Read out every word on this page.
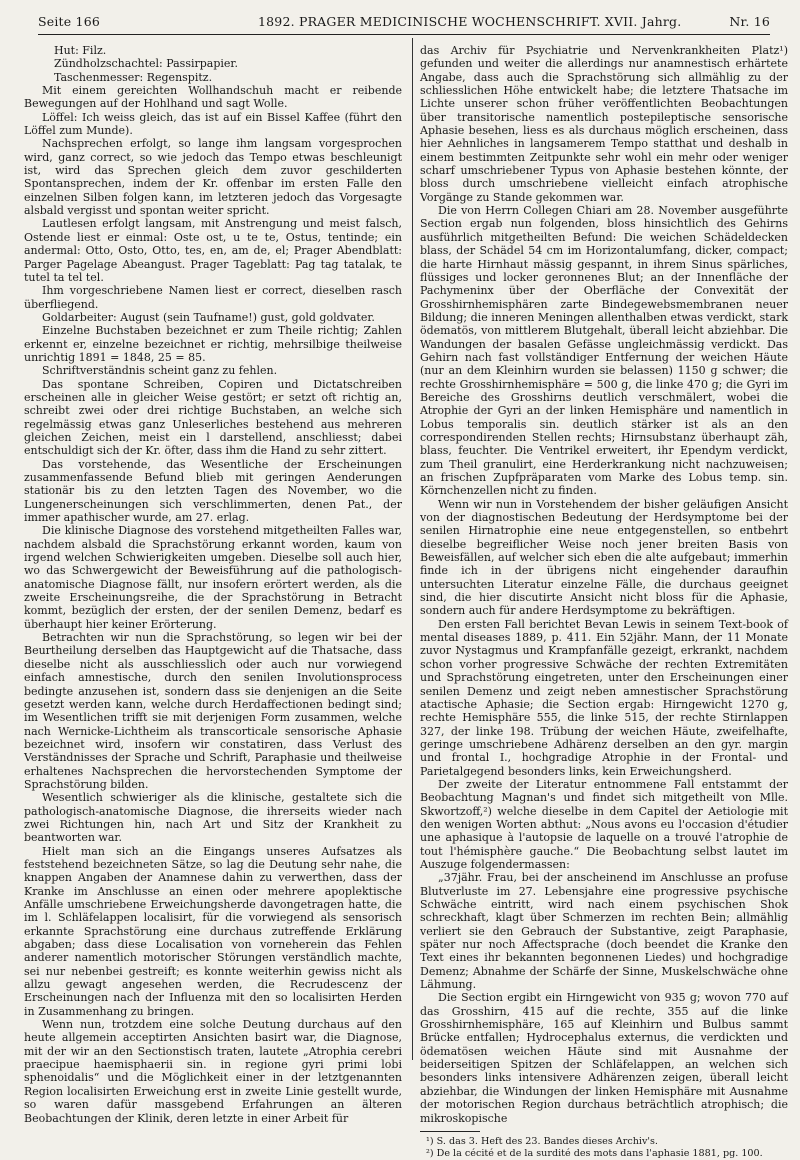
Seite 166	1892. PRAGER MEDICINISCHE WOCHENSCHRIFT. XVII. Jahrg.	Nr. 16

Hut: Filz.

Zündholzschachtel: Passirpapier.

Taschenmesser: Regenspitz.

Mit einem gereichten Wollhandschuh macht er reibende Bewegungen auf der Hohlhand und sagt Wolle.

Löffel: Ich weiss gleich, das ist auf ein Bissel Kaffee (führt den Löffel zum Munde).

Nachsprechen erfolgt, so lange ihm langsam vorgesprochen wird, ganz correct, so wie jedoch das Tempo etwas beschleunigt ist, wird das Sprechen gleich dem zuvor geschilderten Spontansprechen, indem der Kr. offenbar im ersten Falle den einzelnen Silben folgen kann, im letzteren jedoch das Vorgesagte alsbald vergisst und spontan weiter spricht.

Lautlesen erfolgt langsam, mit Anstrengung und meist falsch, Ostende liest er einmal: Oste ost, u te te, Ostus, tentinde; ein andermal: Otto, Osto, Otto, tes, en, am de, el; Prager Abendblatt: Parger Pagelage Abeangust. Prager Tageblatt: Pag tag tatalak, te tutel ta tel tel.

Ihm vorgeschriebene Namen liest er correct, dieselben rasch überfliegend.

Goldarbeiter: August (sein Taufname!) gust, gold goldvater.

Einzelne Buchstaben bezeichnet er zum Theile richtig; Zahlen erkennt er, einzelne bezeichnet er richtig, mehrsilbige theilweise unrichtig 1891 = 1848, 25 = 85.

Schriftverständnis scheint ganz zu fehlen.

Das spontane Schreiben, Copiren und Dictatschreiben erscheinen alle in gleicher Weise gestört; er setzt oft richtig an, schreibt zwei oder drei richtige Buchstaben, an welche sich regelmässig etwas ganz Unleserliches bestehend aus mehreren gleichen Zeichen, meist ein l darstellend, anschliesst; dabei entschuldigt sich der Kr. öfter, dass ihm die Hand zu sehr zittert.

Das vorstehende, das Wesentliche der Erscheinungen zusammenfassende Befund blieb mit geringen Aenderungen stationär bis zu den letzten Tagen des November, wo die Lungenerscheinungen sich verschlimmerten, denen Pat., der immer apathischer wurde, am 27. erlag.

Die klinische Diagnose des vorstehend mitgetheilten Falles war, nachdem alsbald die Sprachstörung erkannt worden, kaum von irgend welchen Schwierigkeiten umgeben. Dieselbe soll auch hier, wo das Schwergewicht der Beweisführung auf die pathologisch-anatomische Diagnose fällt, nur insofern erörtert werden, als die zweite Erscheinungsreihe, die der Sprachstörung in Betracht kommt, bezüglich der ersten, der der senilen Demenz, bedarf es überhaupt hier keiner Erörterung.

Betrachten wir nun die Sprachstörung, so legen wir bei der Beurtheilung derselben das Hauptgewicht auf die Thatsache, dass dieselbe nicht als ausschliesslich oder auch nur vorwiegend einfach amnestische, durch den senilen Involutionsprocess bedingte anzusehen ist, sondern dass sie denjenigen an die Seite gesetzt werden kann, welche durch Herdaffectionen bedingt sind; im Wesentlichen trifft sie mit derjenigen Form zusammen, welche nach Wernicke-Lichtheim als transcorticale sensorische Aphasie bezeichnet wird, insofern wir constatiren, dass Verlust des Verständnisses der Sprache und Schrift, Paraphasie und theilweise erhaltenes Nachsprechen die hervorstechenden Symptome der Sprachstörung bilden.

Wesentlich schwieriger als die klinische, gestaltete sich die pathologisch-anatomische Diagnose, die ihrerseits wieder nach zwei Richtungen hin, nach Art und Sitz der Krankheit zu beantworten war.

Hielt man sich an die Eingangs unseres Aufsatzes als feststehend bezeichneten Sätze, so lag die Deutung sehr nahe, die knappen Angaben der Anamnese dahin zu verwerthen, dass der Kranke im Anschlusse an einen oder mehrere apoplektische Anfälle umschriebene Erweichungsherde davongetragen hatte, die im l. Schläfelappen localisirt, für die vorwiegend als sensorisch erkannte Sprachstörung eine durchaus zutreffende Erklärung abgaben; dass diese Localisation von vorneherein das Fehlen anderer namentlich motorischer Störungen verständlich machte, sei nur nebenbei gestreift; es konnte weiterhin gewiss nicht als allzu gewagt angesehen werden, die Recrudescenz der Erscheinungen nach der Influenza mit den so localisirten Herden in Zusammenhang zu bringen.

Wenn nun, trotzdem eine solche Deutung durchaus auf den heute allgemein acceptirten Ansichten basirt war, die Diagnose, mit der wir an den Sectionstisch traten, lautete „Atrophia cerebri praecipue haemisphaerii sin. in regione gyri primi lobi sphenoidalis“ und die Möglichkeit einer in der letztgenannten Region localisirten Erweichung erst in zweite Linie gestellt wurde, so waren dafür massgebend Erfahrungen an älteren Beobachtungen der Klinik, deren letzte in einer Arbeit für

das Archiv für Psychiatrie und Nervenkrankheiten Platz¹) gefunden und weiter die allerdings nur anamnestisch erhärtete Angabe, dass auch die Sprachstörung sich allmählig zu der schliesslichen Höhe entwickelt habe; die letztere Thatsache im Lichte unserer schon früher veröffentlichten Beobachtungen über transitorische namentlich postepileptische sensorische Aphasie besehen, liess es als durchaus möglich erscheinen, dass hier Aehnliches in langsamerem Tempo statthat und deshalb in einem bestimmten Zeitpunkte sehr wohl ein mehr oder weniger scharf umschriebener Typus von Aphasie bestehen könnte, der bloss durch umschriebene vielleicht einfach atrophische Vorgänge zu Stande gekommen war.

Die von Herrn Collegen Chiari am 28. November ausgeführte Section ergab nun folgenden, bloss hinsichtlich des Gehirns ausführlich mitgetheilten Befund: Die weichen Schädeldecken blass, der Schädel 54 cm im Horizontalumfang, dicker, compact; die harte Hirnhaut mässig gespannt, in ihrem Sinus spärliches, flüssiges und locker geronnenes Blut; an der Innenfläche der Pachymeninx über der Oberfläche der Convexität der Grosshirnhemisphären zarte Bindegewebsmembranen neuer Bildung; die inneren Meningen allenthalben etwas verdickt, stark ödematös, von mittlerem Blutgehalt, überall leicht abziehbar. Die Wandungen der basalen Gefässe ungleichmässig verdickt. Das Gehirn nach fast vollständiger Entfernung der weichen Häute (nur an dem Kleinhirn wurden sie belassen) 1150 g schwer; die rechte Grosshirnhemisphäre = 500 g, die linke 470 g; die Gyri im Bereiche des Grosshirns deutlich verschmälert, wobei die Atrophie der Gyri an der linken Hemisphäre und namentlich in Lobus temporalis sin. deutlich stärker ist als an den correspondirenden Stellen rechts; Hirnsubstanz überhaupt zäh, blass, feuchter. Die Ventrikel erweitert, ihr Ependym verdickt, zum Theil granulirt, eine Herderkrankung nicht nachzuweisen; an frischen Zupfpräparaten vom Marke des Lobus temp. sin. Körnchenzellen nicht zu finden.

Wenn wir nun in Vorstehendem der bisher geläufigen Ansicht von der diagnostischen Bedeutung der Herdsymptome bei der senilen Hirnatrophie eine neue entgegenstellen, so entbehrt dieselbe begreiflicher Weise noch jener breiten Basis von Beweisfällen, auf welcher sich eben die alte aufgebaut; immerhin finde ich in der übrigens nicht eingehender daraufhin untersuchten Literatur einzelne Fälle, die durchaus geeignet sind, die hier discutirte Ansicht nicht bloss für die Aphasie, sondern auch für andere Herdsymptome zu bekräftigen.

Den ersten Fall berichtet Bevan Lewis in seinem Text-book of mental diseases 1889, p. 411. Ein 52jähr. Mann, der 11 Monate zuvor Nystagmus und Krampfanfälle gezeigt, erkrankt, nachdem schon vorher progressive Schwäche der rechten Extremitäten und Sprachstörung eingetreten, unter den Erscheinungen einer senilen Demenz und zeigt neben amnestischer Sprachstörung atactische Aphasie; die Section ergab: Hirngewicht 1270 g, rechte Hemisphäre 555, die linke 515, der rechte Stirnlappen 327, der linke 198. Trübung der weichen Häute, zweifelhafte, geringe umschriebene Adhärenz derselben an den gyr. margin und frontal I., hochgradige Atrophie in der Frontal- und Parietalgegend besonders links, kein Erweichungsherd.

Der zweite der Literatur entnommene Fall entstammt der Beobachtung Magnan's und findet sich mitgetheilt von Mlle. Skwortzoff,²) welche dieselbe in dem Capitel der Aetiologie mit den wenigen Worten abthut: „Nous avons eu l'occasion d'étudier une aphasique à l'autopsie de laquelle on a trouvé l'atrophie de tout l'hémisphère gauche.“ Die Beobachtung selbst lautet im Auszuge folgendermassen:

„37jähr. Frau, bei der anscheinend im Anschlusse an profuse Blutverluste im 27. Lebensjahre eine progressive psychische Schwäche eintritt, wird nach einem psychischen Shok schreckhaft, klagt über Schmerzen im rechten Bein; allmählig verliert sie den Gebrauch der Substantive, zeigt Paraphasie, später nur noch Affectsprache (doch beendet die Kranke den Text eines ihr bekannten begonnenen Liedes) und hochgradige Demenz; Abnahme der Schärfe der Sinne, Muskelschwäche ohne Lähmung.

Die Section ergibt ein Hirngewicht von 935 g; wovon 770 auf das Grosshirn, 415 auf die rechte, 355 auf die linke Grosshirnhemisphäre, 165 auf Kleinhirn und Bulbus sammt Brücke entfallen; Hydrocephalus externus, die verdickten und ödematösen weichen Häute sind mit Ausnahme der beiderseitigen Spitzen der Schläfelappen, an welchen sich besonders links intensivere Adhärenzen zeigen, überall leicht abziehbar, die Windungen der linken Hemisphäre mit Ausnahme der motorischen Region durchaus beträchtlich atrophisch; die mikroskopische

¹) S. das 3. Heft des 23. Bandes dieses Archiv's.

²) De la cécité et de la surdité des mots dans l'aphasie 1881, pg. 100.
